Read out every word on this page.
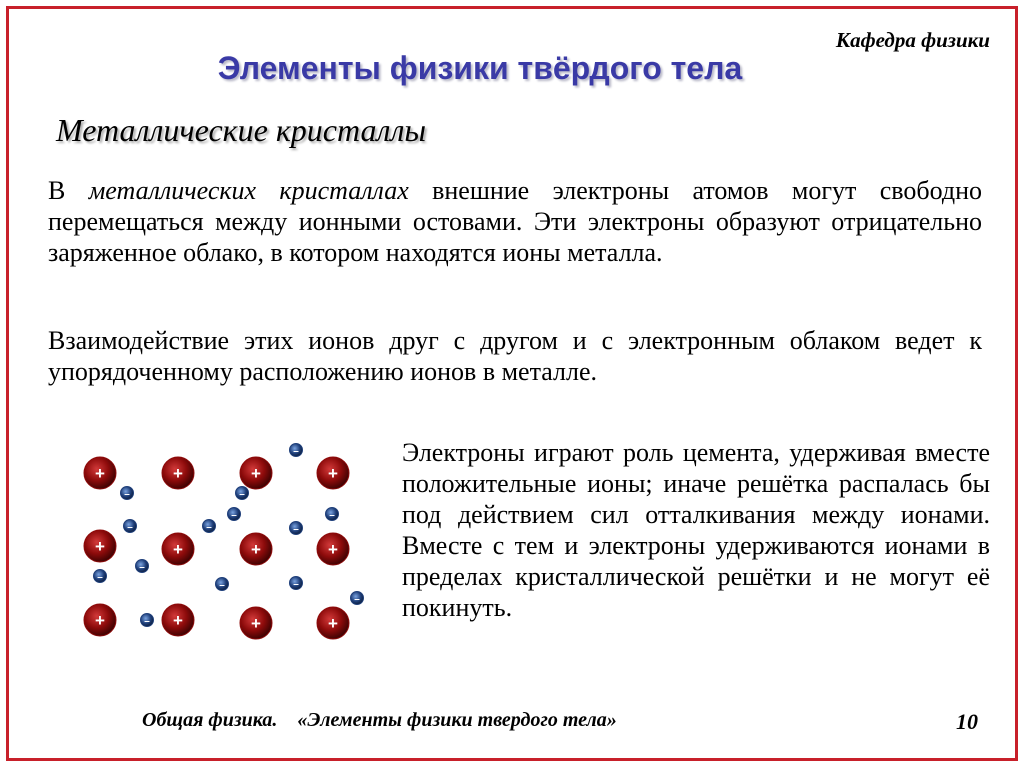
Кафедра физики
Элементы физики твёрдого тела
Металлические кристаллы

В металлических кристаллах внешние электроны атомов могут свободно перемещаться между ионными остовами. Эти электроны образуют отрицательно заряженное облако, в котором находятся ионы металла.

Взаимодействие этих ионов друг с другом и с электронным облаком ведет к упорядоченному расположению ионов в металле.

+	+	+	+
+	+	+	+
+	+	+	+
–
–	–
–	–
–
–
–
–
–
–	–
–
–

Электроны играют роль цемента, удерживая вместе положительные ионы; иначе решётка распалась бы под действием сил отталкивания между ионами. Вместе с тем и электроны удерживаются ионами в пределах кристаллической решётки и не могут её покинуть.

Общая физика. «Элементы физики твердого тела»	10
